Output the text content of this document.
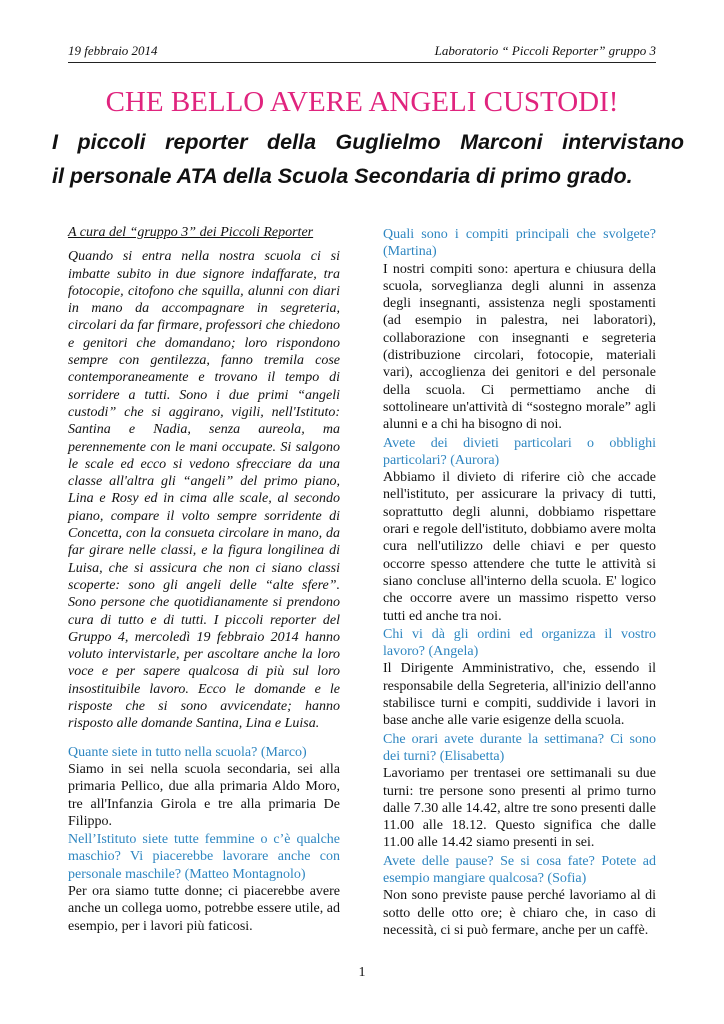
19 febbraio 2014	Laboratorio “ Piccoli Reporter” gruppo 3
CHE BELLO AVERE ANGELI CUSTODI!
I piccoli reporter della Guglielmo Marconi intervistano
il personale ATA della Scuola Secondaria di primo grado.

A cura del “gruppo 3” dei Piccoli Reporter

Quando si entra nella nostra scuola ci si imbatte subito in due signore indaffarate, tra fotocopie, citofono che squilla, alunni con diari in mano da accompagnare in segreteria, circolari da far firmare, professori che chiedono e genitori che domandano; loro rispondono sempre con gentilezza, fanno tremila cose contemporaneamente e trovano il tempo di sorridere a tutti. Sono i due primi “angeli custodi” che si aggirano, vigili, nell'Istituto: Santina e Nadia, senza aureola, ma perennemente con le mani occupate. Si salgono le scale ed ecco si vedono sfrecciare da una classe all'altra gli “angeli” del primo piano, Lina e Rosy ed in cima alle scale, al secondo piano, compare il volto sempre sorridente di Concetta, con la consueta circolare in mano, da far girare nelle classi, e la figura longilinea di Luisa, che si assicura che non ci siano classi scoperte: sono gli angeli delle “alte sfere”. Sono persone che quotidianamente si prendono cura di tutto e di tutti. I piccoli reporter del Gruppo 4, mercoledì 19 febbraio 2014 hanno voluto intervistarle, per ascoltare anche la loro voce e per sapere qualcosa di più sul loro insostituibile lavoro. Ecco le domande e le risposte che si sono avvicendate; hanno risposto alle domande Santina, Lina e Luisa.

Quante siete in tutto nella scuola? (Marco)

Siamo in sei nella scuola secondaria, sei alla primaria Pellico, due alla primaria Aldo Moro, tre all'Infanzia Girola e tre alla primaria De Filippo.

Nell’Istituto siete tutte femmine o c’è qualche maschio? Vi piacerebbe lavorare anche con personale maschile? (Matteo Montagnolo)

Per ora siamo tutte donne; ci piacerebbe avere anche un collega uomo, potrebbe essere utile, ad esempio, per i lavori più faticosi.

Quali sono i compiti principali che svolgete? (Martina)

I nostri compiti sono: apertura e chiusura della scuola, sorveglianza degli alunni in assenza degli insegnanti, assistenza negli spostamenti (ad esempio in palestra, nei laboratori), collaborazione con insegnanti e segreteria (distribuzione circolari, fotocopie, materiali vari), accoglienza dei genitori e del personale della scuola. Ci permettiamo anche di sottolineare un'attività di “sostegno morale” agli alunni e a chi ha bisogno di noi.

Avete dei divieti particolari o obblighi particolari? (Aurora)

Abbiamo il divieto di riferire ciò che accade nell'istituto, per assicurare la privacy di tutti, soprattutto degli alunni, dobbiamo rispettare orari e regole dell'istituto, dobbiamo avere molta cura nell'utilizzo delle chiavi e per questo occorre spesso attendere che tutte le attività si siano concluse all'interno della scuola. E' logico che occorre avere un massimo rispetto verso tutti ed anche tra noi.

Chi vi dà gli ordini ed organizza il vostro lavoro? (Angela)

Il Dirigente Amministrativo, che, essendo il responsabile della Segreteria, all'inizio dell'anno stabilisce turni e compiti, suddivide i lavori in base anche alle varie esigenze della scuola.

Che orari avete durante la settimana? Ci sono dei turni? (Elisabetta)

Lavoriamo per trentasei ore settimanali su due turni: tre persone sono presenti al primo turno dalle 7.30 alle 14.42, altre tre sono presenti dalle 11.00 alle 18.12. Questo significa che dalle 11.00 alle 14.42 siamo presenti in sei.

Avete delle pause? Se si cosa fate? Potete ad esempio mangiare qualcosa? (Sofia)

Non sono previste pause perché lavoriamo al di sotto delle otto ore; è chiaro che, in caso di necessità, ci si può fermare, anche per un caffè.

1
